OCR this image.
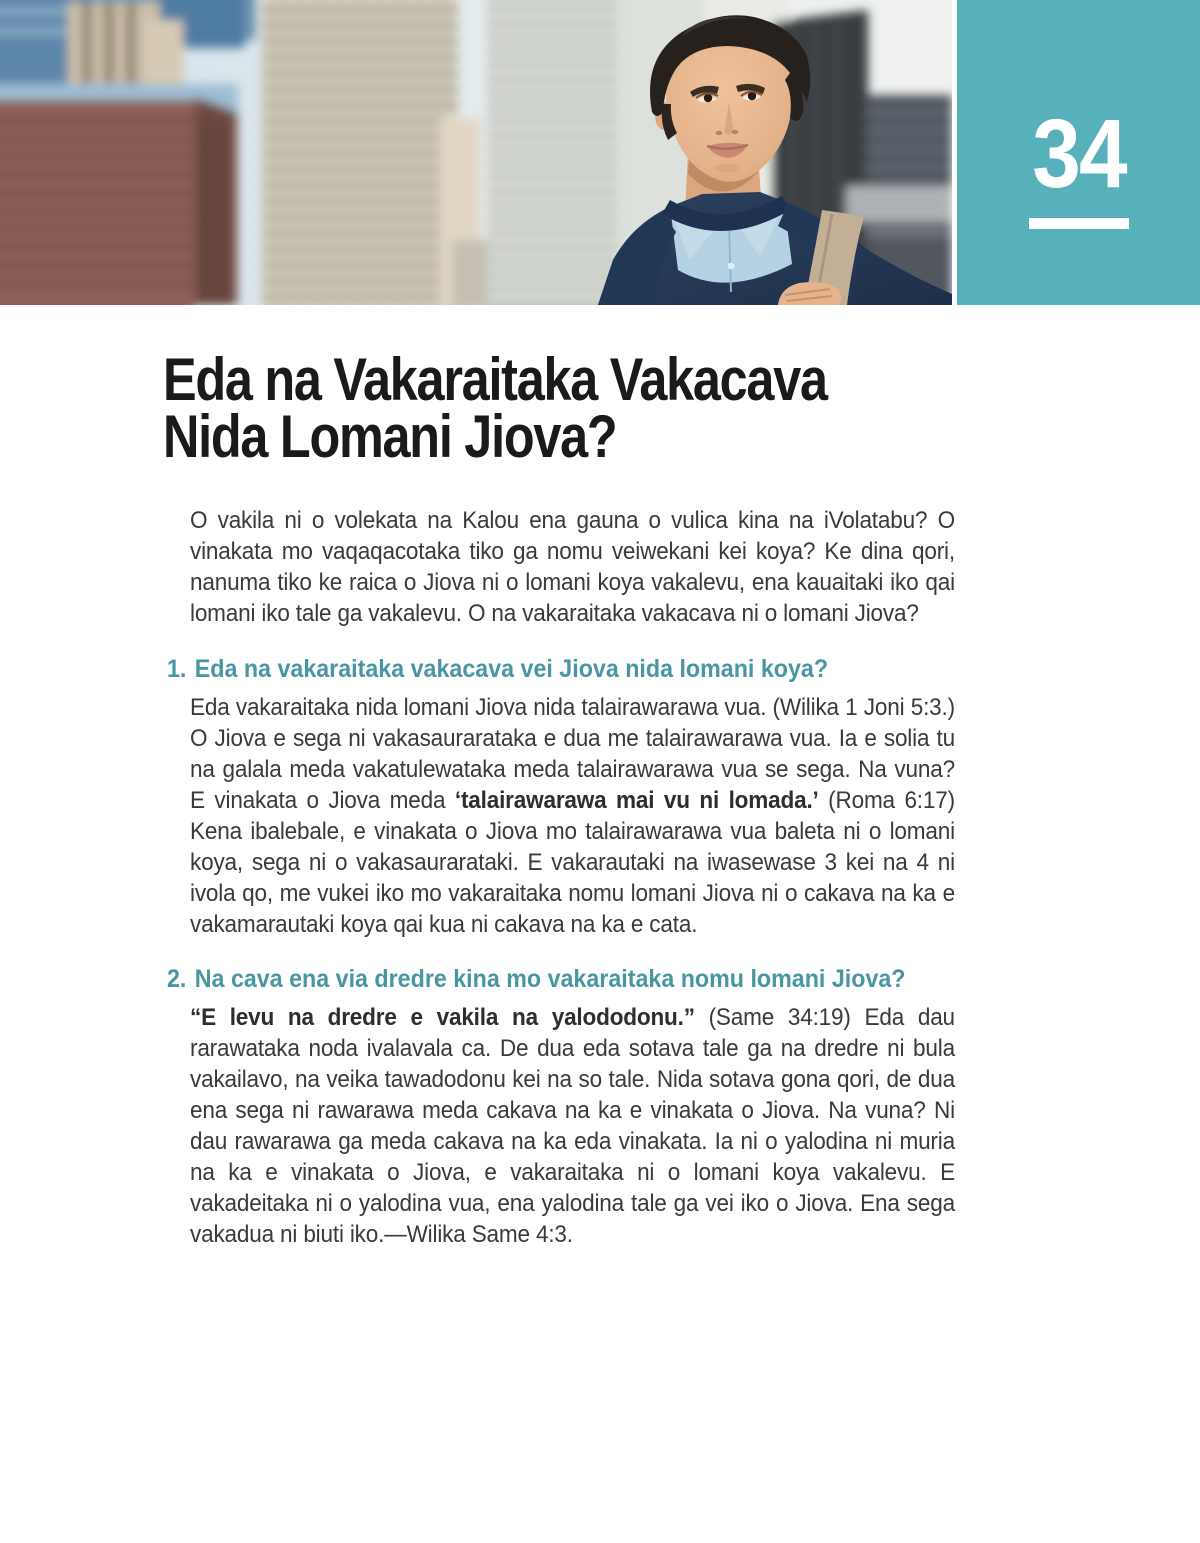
34
Eda na Vakaraitaka Vakacava
Nida Lomani Jiova?

O vakila ni o volekata na Kalou ena gauna o vulica kina na iVolatabu? O vinakata mo vaqaqacotaka tiko ga nomu veiwekani kei koya? Ke dina qori, nanuma tiko ke raica o Jiova ni o lomani koya vakalevu, ena kauaitaki iko qai lomani iko tale ga vakalevu. O na vakaraitaka vakacava ni o lomani Jiova?

1. Eda na vakaraitaka vakacava vei Jiova nida lomani koya?

Eda vakaraitaka nida lomani Jiova nida talairawarawa vua. (Wilika 1 Joni 5:3.) O Jiova e sega ni vakasaurarataka e dua me talairawarawa vua. Ia e solia tu na galala meda vakatulewataka meda talairawarawa vua se sega. Na vuna? E vinakata o Jiova meda ‘talairawarawa mai vu ni lomada.’ (Roma 6:17) Kena ibalebale, e vinakata o Jiova mo talairawarawa vua baleta ni o lomani koya, sega ni o vakasaurarataki. E vakarautaki na iwasewase 3 kei na 4 ni ivola qo, me vukei iko mo vakaraitaka nomu lomani Jiova ni o cakava na ka e vakamarautaki koya qai kua ni cakava na ka e cata.

2. Na cava ena via dredre kina mo vakaraitaka nomu lomani Jiova?

“E levu na dredre e vakila na yalododonu.” (Same 34:19) Eda dau rarawataka noda ivalavala ca. De dua eda sotava tale ga na dredre ni bula vakailavo, na veika tawadodonu kei na so tale. Nida sotava gona qori, de dua ena sega ni rawarawa meda cakava na ka e vinakata o Jiova. Na vuna? Ni dau rawarawa ga meda cakava na ka eda vinakata. Ia ni o yalodina ni muria na ka e vinakata o Jiova, e vakaraitaka ni o lomani koya vakalevu. E vakadeitaka ni o yalodina vua, ena yalodina tale ga vei iko o Jiova. Ena sega vakadua ni biuti iko.—Wilika Same 4:3.
